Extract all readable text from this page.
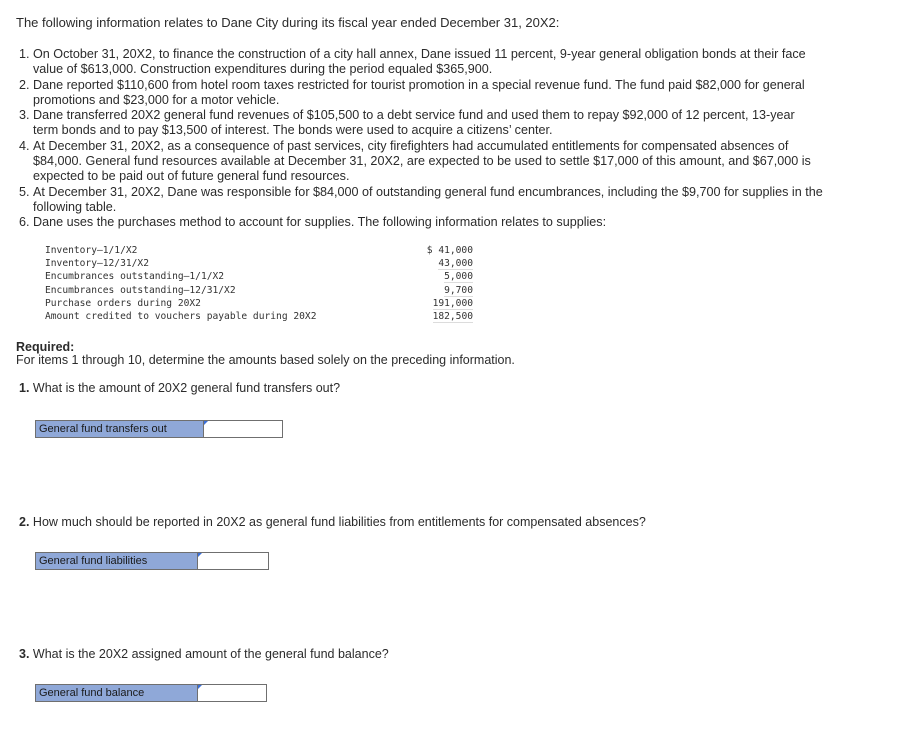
The following information relates to Dane City during its fiscal year ended December 31, 20X2:
1. On October 31, 20X2, to finance the construction of a city hall annex, Dane issued 11 percent, 9-year general obligation bonds at their face value of $613,000. Construction expenditures during the period equaled $365,900.
2. Dane reported $110,600 from hotel room taxes restricted for tourist promotion in a special revenue fund. The fund paid $82,000 for general promotions and $23,000 for a motor vehicle.
3. Dane transferred 20X2 general fund revenues of $105,500 to a debt service fund and used them to repay $92,000 of 12 percent, 13-year term bonds and to pay $13,500 of interest. The bonds were used to acquire a citizens’ center.
4. At December 31, 20X2, as a consequence of past services, city firefighters had accumulated entitlements for compensated absences of $84,000. General fund resources available at December 31, 20X2, are expected to be used to settle $17,000 of this amount, and $67,000 is expected to be paid out of future general fund resources.
5. At December 31, 20X2, Dane was responsible for $84,000 of outstanding general fund encumbrances, including the $9,700 for supplies in the following table.
6. Dane uses the purchases method to account for supplies. The following information relates to supplies:
Inventory—1/1/X2	$ 41,000
Inventory—12/31/X2	43,000
Encumbrances outstanding—1/1/X2	5,000
Encumbrances outstanding—12/31/X2	9,700
Purchase orders during 20X2	191,000
Amount credited to vouchers payable during 20X2	182,500
Required:
For items 1 through 10, determine the amounts based solely on the preceding information.
1. What is the amount of 20X2 general fund transfers out?
General fund transfers out
2. How much should be reported in 20X2 as general fund liabilities from entitlements for compensated absences?
General fund liabilities
3. What is the 20X2 assigned amount of the general fund balance?
General fund balance
